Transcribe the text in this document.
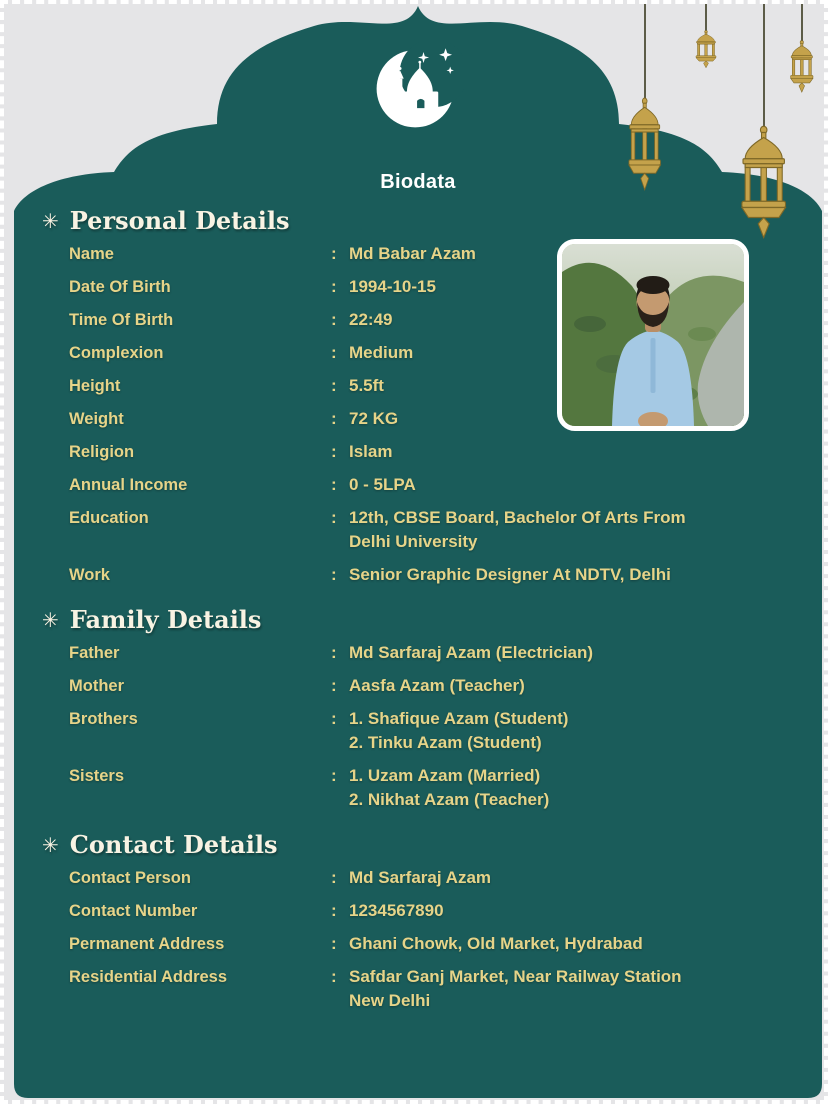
Biodata
✳ Personal Details
Name	: Md Babar Azam
Date Of Birth	: 1994-10-15
Time Of Birth	: 22:49
Complexion	: Medium
Height	: 5.5ft
Weight	: 72 KG
Religion	: Islam
Annual Income	: 0 - 5LPA
Education	: 12th, CBSE Board, Bachelor Of Arts From
Delhi University
Work	: Senior Graphic Designer At NDTV, Delhi
✳ Family Details
Father	: Md Sarfaraj Azam (Electrician)
Mother	: Aasfa Azam (Teacher)
Brothers	: 1. Shafique Azam (Student)
2. Tinku Azam (Student)
Sisters	: 1. Uzam Azam (Married)
2. Nikhat Azam (Teacher)
✳ Contact Details
Contact Person	: Md Sarfaraj Azam
Contact Number	: 1234567890
Permanent Address	: Ghani Chowk, Old Market, Hydrabad
Residential Address	: Safdar Ganj Market, Near Railway Station
New Delhi
